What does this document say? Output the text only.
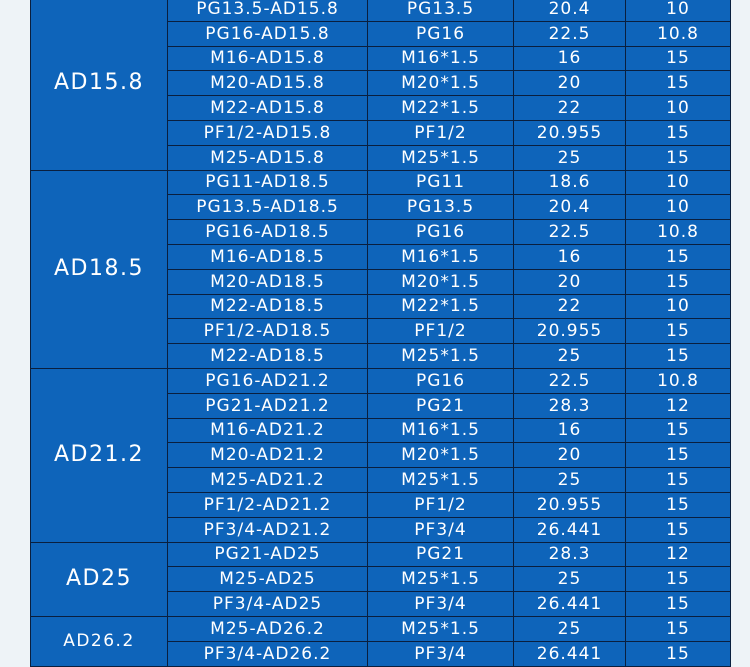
AD15.8	PG13.5-AD15.8	PG13.5	20.4	10
	PG16-AD15.8	PG16	22.5	10.8
	M16-AD15.8	M16*1.5	16	15
	M20-AD15.8	M20*1.5	20	15
	M22-AD15.8	M22*1.5	22	10
	PF1/2-AD15.8	PF1/2	20.955	15
	M25-AD15.8	M25*1.5	25	15
AD18.5	PG11-AD18.5	PG11	18.6	10
	PG13.5-AD18.5	PG13.5	20.4	10
	PG16-AD18.5	PG16	22.5	10.8
	M16-AD18.5	M16*1.5	16	15
	M20-AD18.5	M20*1.5	20	15
	M22-AD18.5	M22*1.5	22	10
	PF1/2-AD18.5	PF1/2	20.955	15
	M22-AD18.5	M25*1.5	25	15
AD21.2	PG16-AD21.2	PG16	22.5	10.8
	PG21-AD21.2	PG21	28.3	12
	M16-AD21.2	M16*1.5	16	15
	M20-AD21.2	M20*1.5	20	15
	M25-AD21.2	M25*1.5	25	15
	PF1/2-AD21.2	PF1/2	20.955	15
	PF3/4-AD21.2	PF3/4	26.441	15
AD25	PG21-AD25	PG21	28.3	12
	M25-AD25	M25*1.5	25	15
	PF3/4-AD25	PF3/4	26.441	15
AD26.2	M25-AD26.2	M25*1.5	25	15
	PF3/4-AD26.2	PF3/4	26.441	15
